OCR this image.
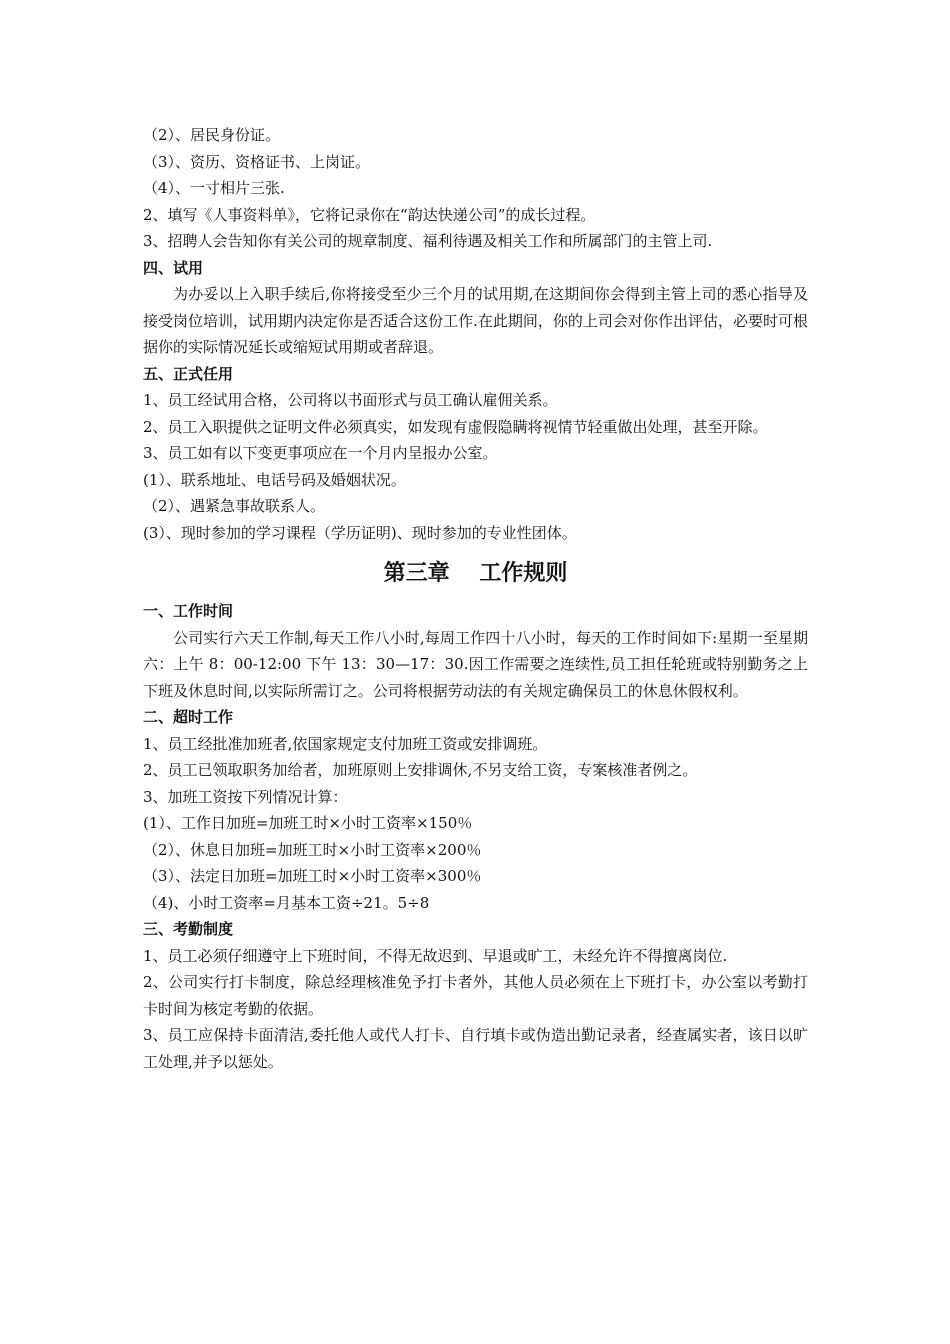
（2）、居民身份证。
（3）、资历、资格证书、上岗证。
（4）、一寸相片三张.
2、填写《人事资料单》，它将记录你在“韵达快递公司”的成长过程。
3、招聘人会告知你有关公司的规章制度、福利待遇及相关工作和所属部门的主管上司.
四、试用

为办妥以上入职手续后,你将接受至少三个月的试用期,在这期间你会得到主管上司的悉心指导及接受岗位培训，试用期内决定你是否适合这份工作.在此期间，你的上司会对你作出评估，必要时可根据你的实际情况延长或缩短试用期或者辞退。

五、正式任用
1、员工经试用合格，公司将以书面形式与员工确认雇佣关系。

2、员工入职提供之证明文件必须真实，如发现有虚假隐瞒将视情节轻重做出处理，甚至开除。

3、员工如有以下变更事项应在一个月内呈报办公室。
(1）、联系地址、电话号码及婚姻状况。
（2）、遇紧急事故联系人。
(3）、现时参加的学习课程（学历证明)、现时参加的专业性团体。
第三章　 工作规则
一、工作时间

公司实行六天工作制,每天工作八小时,每周工作四十八小时，每天的工作时间如下:星期一至星期六：上午 8：00-12:00 下午 13：30—17：30.因工作需要之连续性,员工担任轮班或特别勤务之上下班及休息时间,以实际所需订之。公司将根据劳动法的有关规定确保员工的休息休假权利。

二、超时工作
1、员工经批准加班者,依国家规定支付加班工资或安排调班。
2、员工已领取职务加给者，加班原则上安排调休,不另支给工资，专案核准者例之。
3、加班工资按下列情况计算：
(1）、工作日加班=加班工时×小时工资率×150％
（2）、休息日加班=加班工时×小时工资率×200％
（3）、法定日加班=加班工时×小时工资率×300％
（4)、小时工资率=月基本工资÷21。5÷8
三、考勤制度
1、员工必须仔细遵守上下班时间，不得无故迟到、早退或旷工，未经允许不得擅离岗位.

2、公司实行打卡制度，除总经理核准免予打卡者外，其他人员必须在上下班打卡，办公室以考勤打卡时间为核定考勤的依据。

3、员工应保持卡面清洁,委托他人或代人打卡、自行填卡或伪造出勤记录者，经查属实者，该日以旷工处理,并予以惩处。
